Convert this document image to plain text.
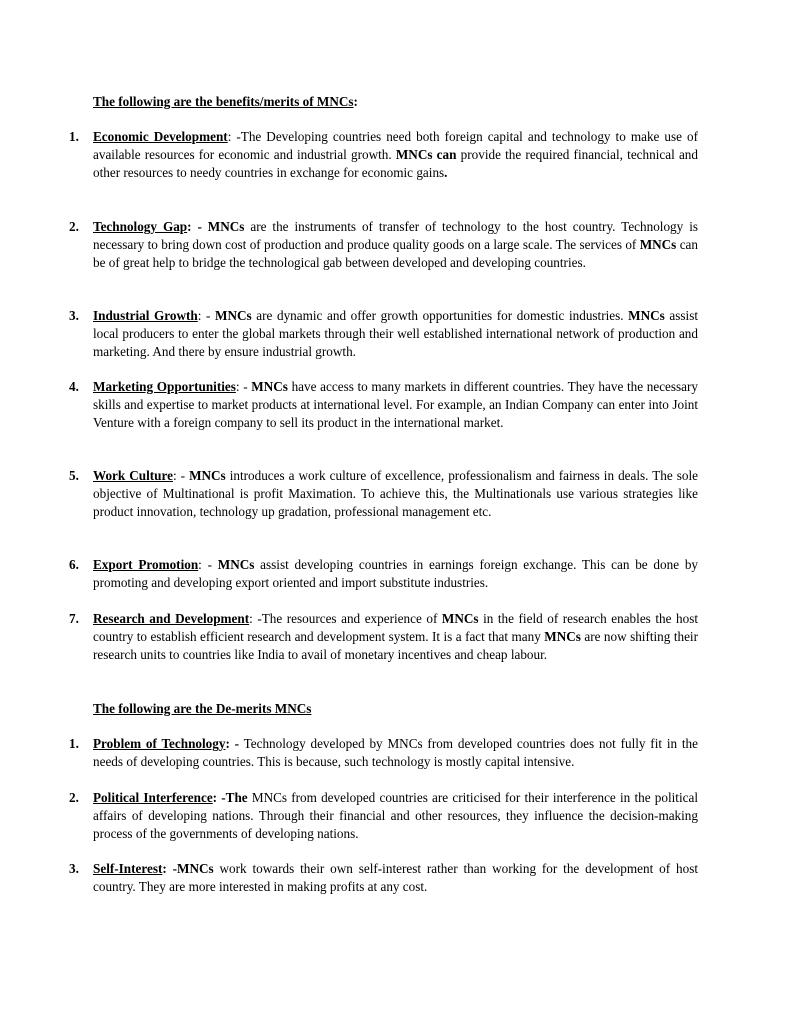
The following are the benefits/merits of MNCs:
1. Economic Development: -The Developing countries need both foreign capital and technology to make use of available resources for economic and industrial growth. MNCs can provide the required financial, technical and other resources to needy countries in exchange for economic gains.
2. Technology Gap: - MNCs are the instruments of transfer of technology to the host country. Technology is necessary to bring down cost of production and produce quality goods on a large scale. The services of MNCs can be of great help to bridge the technological gab between developed and developing countries.
3. Industrial Growth: - MNCs are dynamic and offer growth opportunities for domestic industries. MNCs assist local producers to enter the global markets through their well established international network of production and marketing. And there by ensure industrial growth.
4. Marketing Opportunities: - MNCs have access to many markets in different countries. They have the necessary skills and expertise to market products at international level. For example, an Indian Company can enter into Joint Venture with a foreign company to sell its product in the international market.
5. Work Culture: - MNCs introduces a work culture of excellence, professionalism and fairness in deals. The sole objective of Multinational is profit Maximation. To achieve this, the Multinationals use various strategies like product innovation, technology up gradation, professional management etc.
6. Export Promotion: - MNCs assist developing countries in earnings foreign exchange. This can be done by promoting and developing export oriented and import substitute industries.
7. Research and Development: -The resources and experience of MNCs in the field of research enables the host country to establish efficient research and development system. It is a fact that many MNCs are now shifting their research units to countries like India to avail of monetary incentives and cheap labour.
The following are the De-merits MNCs
1. Problem of Technology: - Technology developed by MNCs from developed countries does not fully fit in the needs of developing countries. This is because, such technology is mostly capital intensive.
2. Political Interference: -The MNCs from developed countries are criticised for their interference in the political affairs of developing nations. Through their financial and other resources, they influence the decision-making process of the governments of developing nations.
3. Self-Interest: -MNCs work towards their own self-interest rather than working for the development of host country. They are more interested in making profits at any cost.
